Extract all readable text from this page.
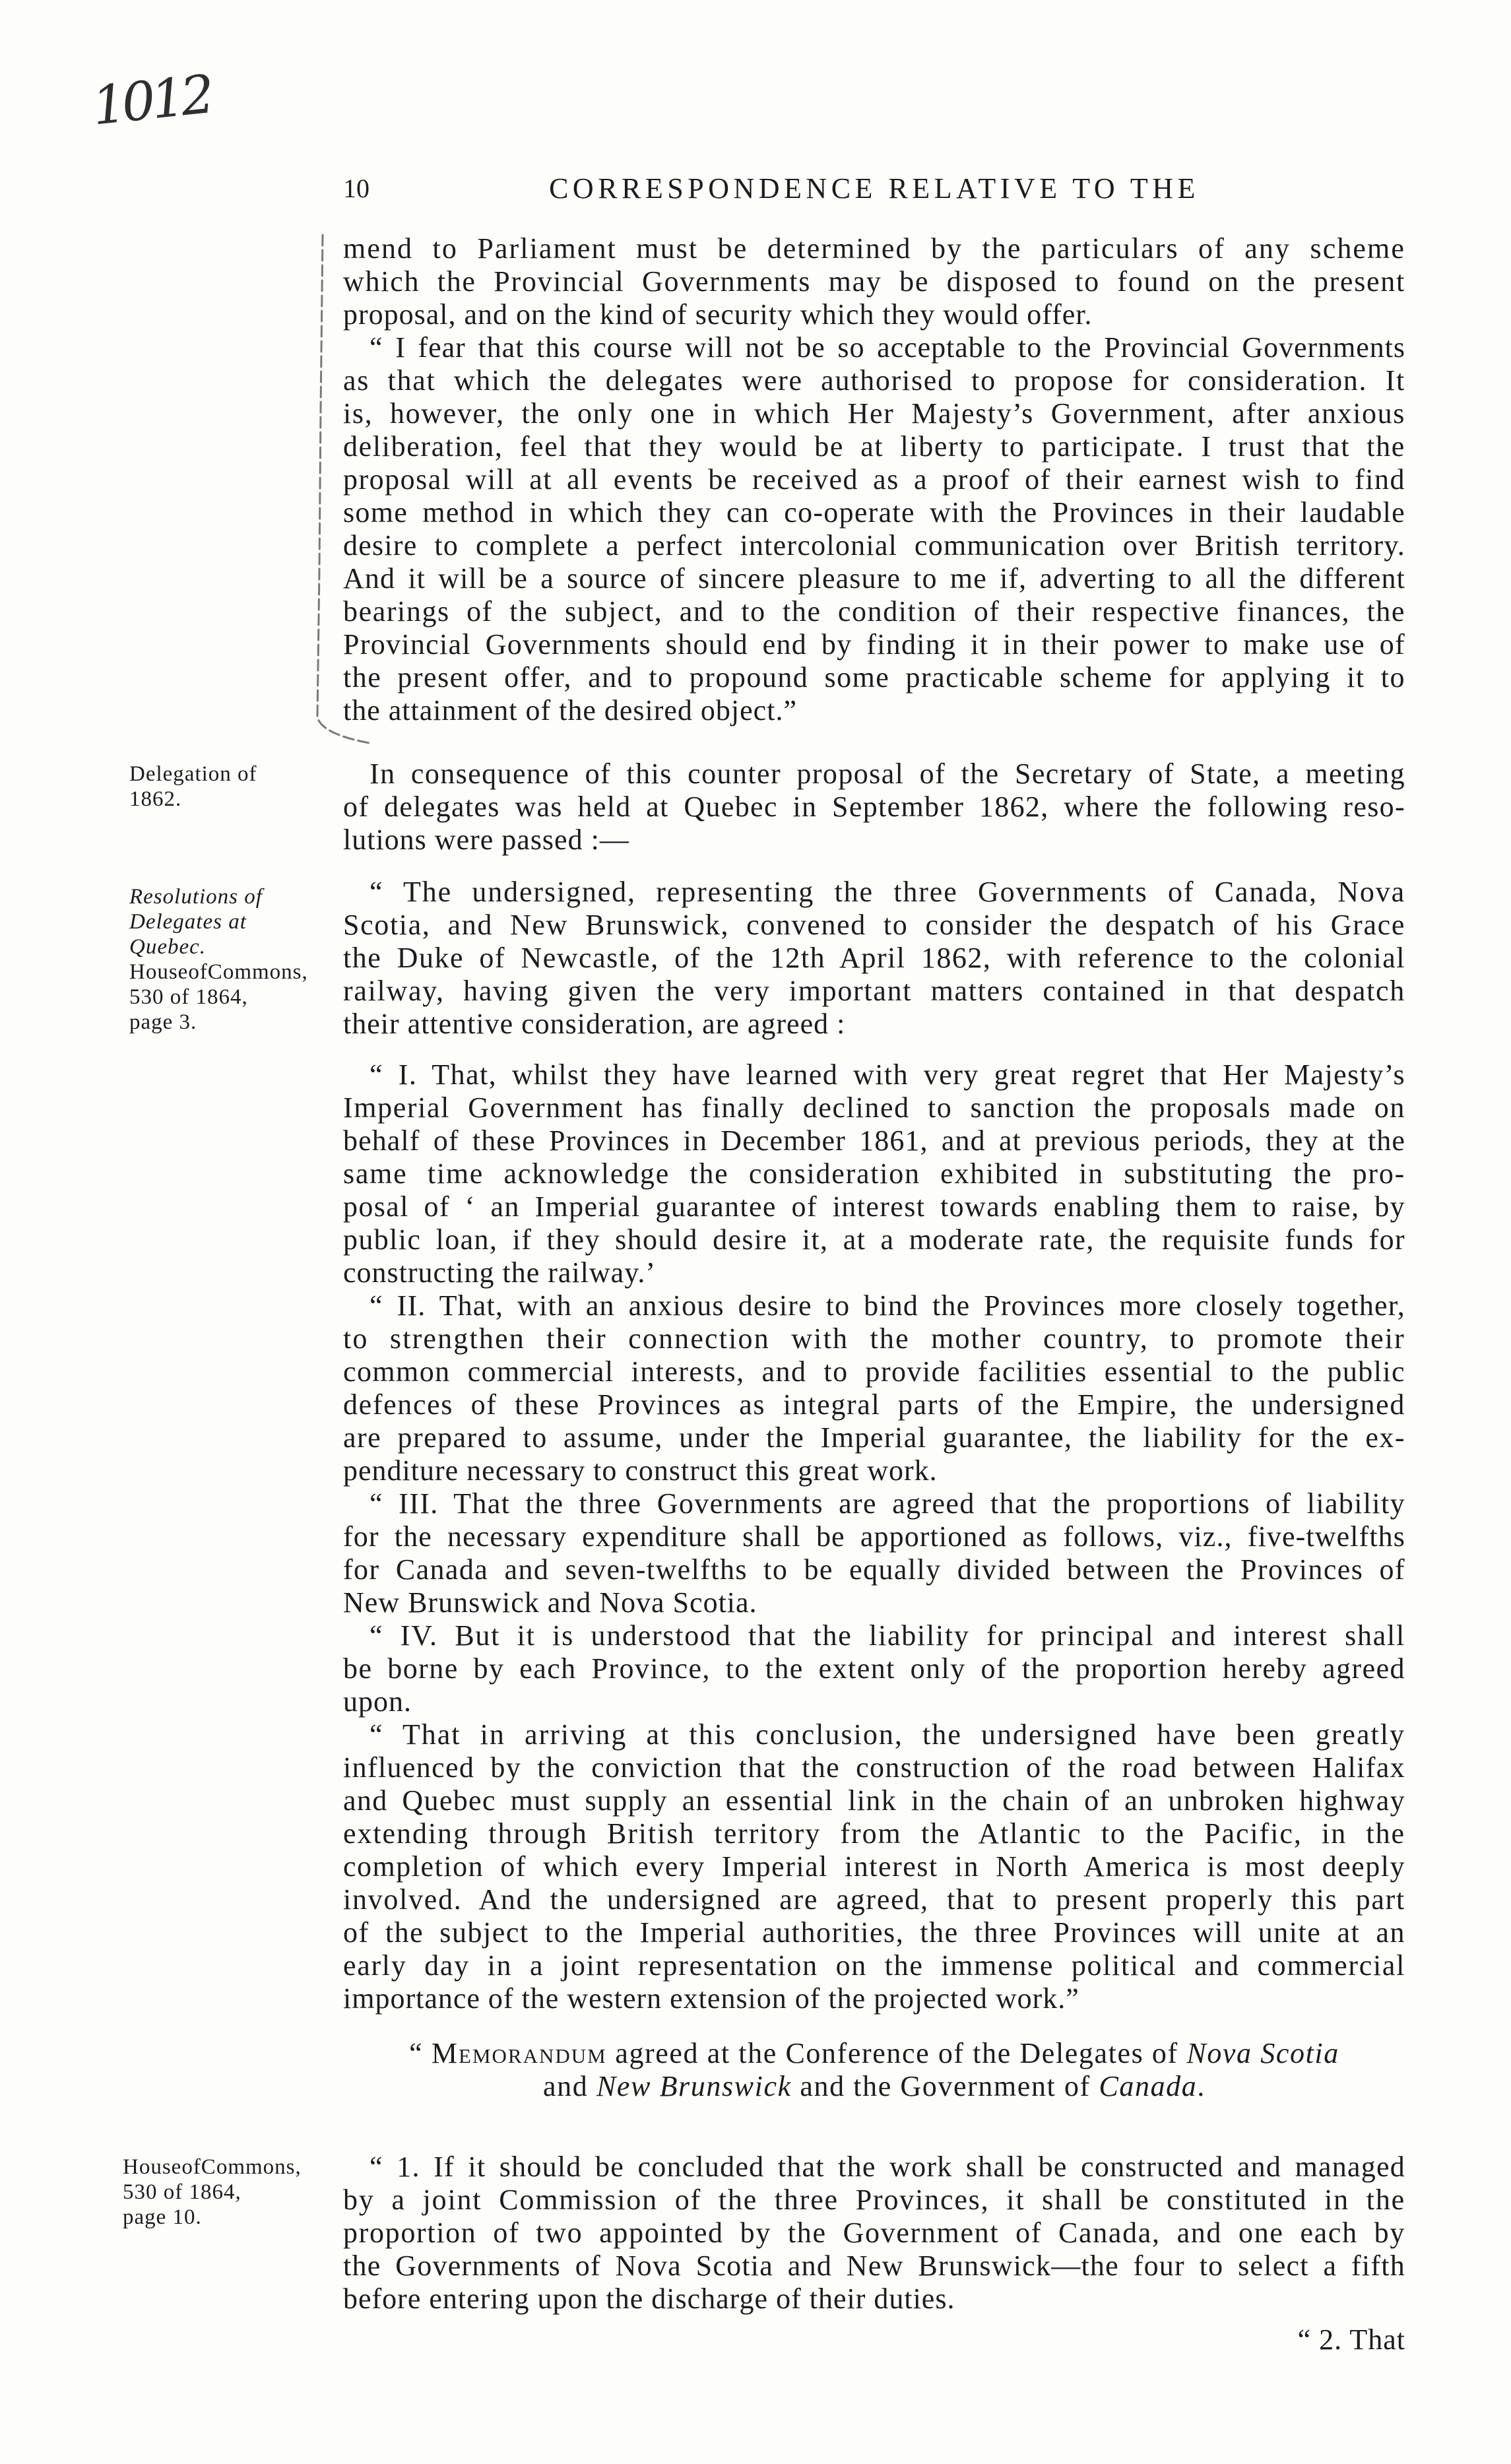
1012
10	CORRESPONDENCE RELATIVE TO THE
mend to Parliament must be determined by the particulars of any scheme
which the Provincial Governments may be disposed to found on the present
proposal, and on the kind of security which they would offer.
“ I fear that this course will not be so acceptable to the Provincial Governments
as that which the delegates were authorised to propose for consideration. It
is, however, the only one in which Her Majesty’s Government, after anxious
deliberation, feel that they would be at liberty to participate. I trust that the
proposal will at all events be received as a proof of their earnest wish to find
some method in which they can co-operate with the Provinces in their laudable
desire to complete a perfect intercolonial communication over British territory.
And it will be a source of sincere pleasure to me if, adverting to all the different
bearings of the subject, and to the condition of their respective finances, the
Provincial Governments should end by finding it in their power to make use of
the present offer, and to propound some practicable scheme for applying it to
the attainment of the desired object.”
In consequence of this counter proposal of the Secretary of State, a meeting
of delegates was held at Quebec in September 1862, where the following reso-
lutions were passed :—
“ The undersigned, representing the three Governments of Canada, Nova
Scotia, and New Brunswick, convened to consider the despatch of his Grace
the Duke of Newcastle, of the 12th April 1862, with reference to the colonial
railway, having given the very important matters contained in that despatch
their attentive consideration, are agreed :
“ I. That, whilst they have learned with very great regret that Her Majesty’s
Imperial Government has finally declined to sanction the proposals made on
behalf of these Provinces in December 1861, and at previous periods, they at the
same time acknowledge the consideration exhibited in substituting the pro-
posal of ‘ an Imperial guarantee of interest towards enabling them to raise, by
public loan, if they should desire it, at a moderate rate, the requisite funds for
constructing the railway.’
“ II. That, with an anxious desire to bind the Provinces more closely together,
to strengthen their connection with the mother country, to promote their
common commercial interests, and to provide facilities essential to the public
defences of these Provinces as integral parts of the Empire, the undersigned
are prepared to assume, under the Imperial guarantee, the liability for the ex-
penditure necessary to construct this great work.
“ III. That the three Governments are agreed that the proportions of liability
for the necessary expenditure shall be apportioned as follows, viz., five-twelfths
for Canada and seven-twelfths to be equally divided between the Provinces of
New Brunswick and Nova Scotia.
“ IV. But it is understood that the liability for principal and interest shall
be borne by each Province, to the extent only of the proportion hereby agreed
upon.
“ That in arriving at this conclusion, the undersigned have been greatly
influenced by the conviction that the construction of the road between Halifax
and Quebec must supply an essential link in the chain of an unbroken highway
extending through British territory from the Atlantic to the Pacific, in the
completion of which every Imperial interest in North America is most deeply
involved. And the undersigned are agreed, that to present properly this part
of the subject to the Imperial authorities, the three Provinces will unite at an
early day in a joint representation on the immense political and commercial
importance of the western extension of the projected work.”
“ Memorandum agreed at the Conference of the Delegates of Nova Scotia
and New Brunswick and the Government of Canada.
“ 1. If it should be concluded that the work shall be constructed and managed
by a joint Commission of the three Provinces, it shall be constituted in the
proportion of two appointed by the Government of Canada, and one each by
the Governments of Nova Scotia and New Brunswick—the four to select a fifth
before entering upon the discharge of their duties.
“ 2. That
Delegation of
1862.
Resolutions of
Delegates at
Quebec.
HouseofCommons,
530 of 1864,
page 3.
HouseofCommons,
530 of 1864,
page 10.
